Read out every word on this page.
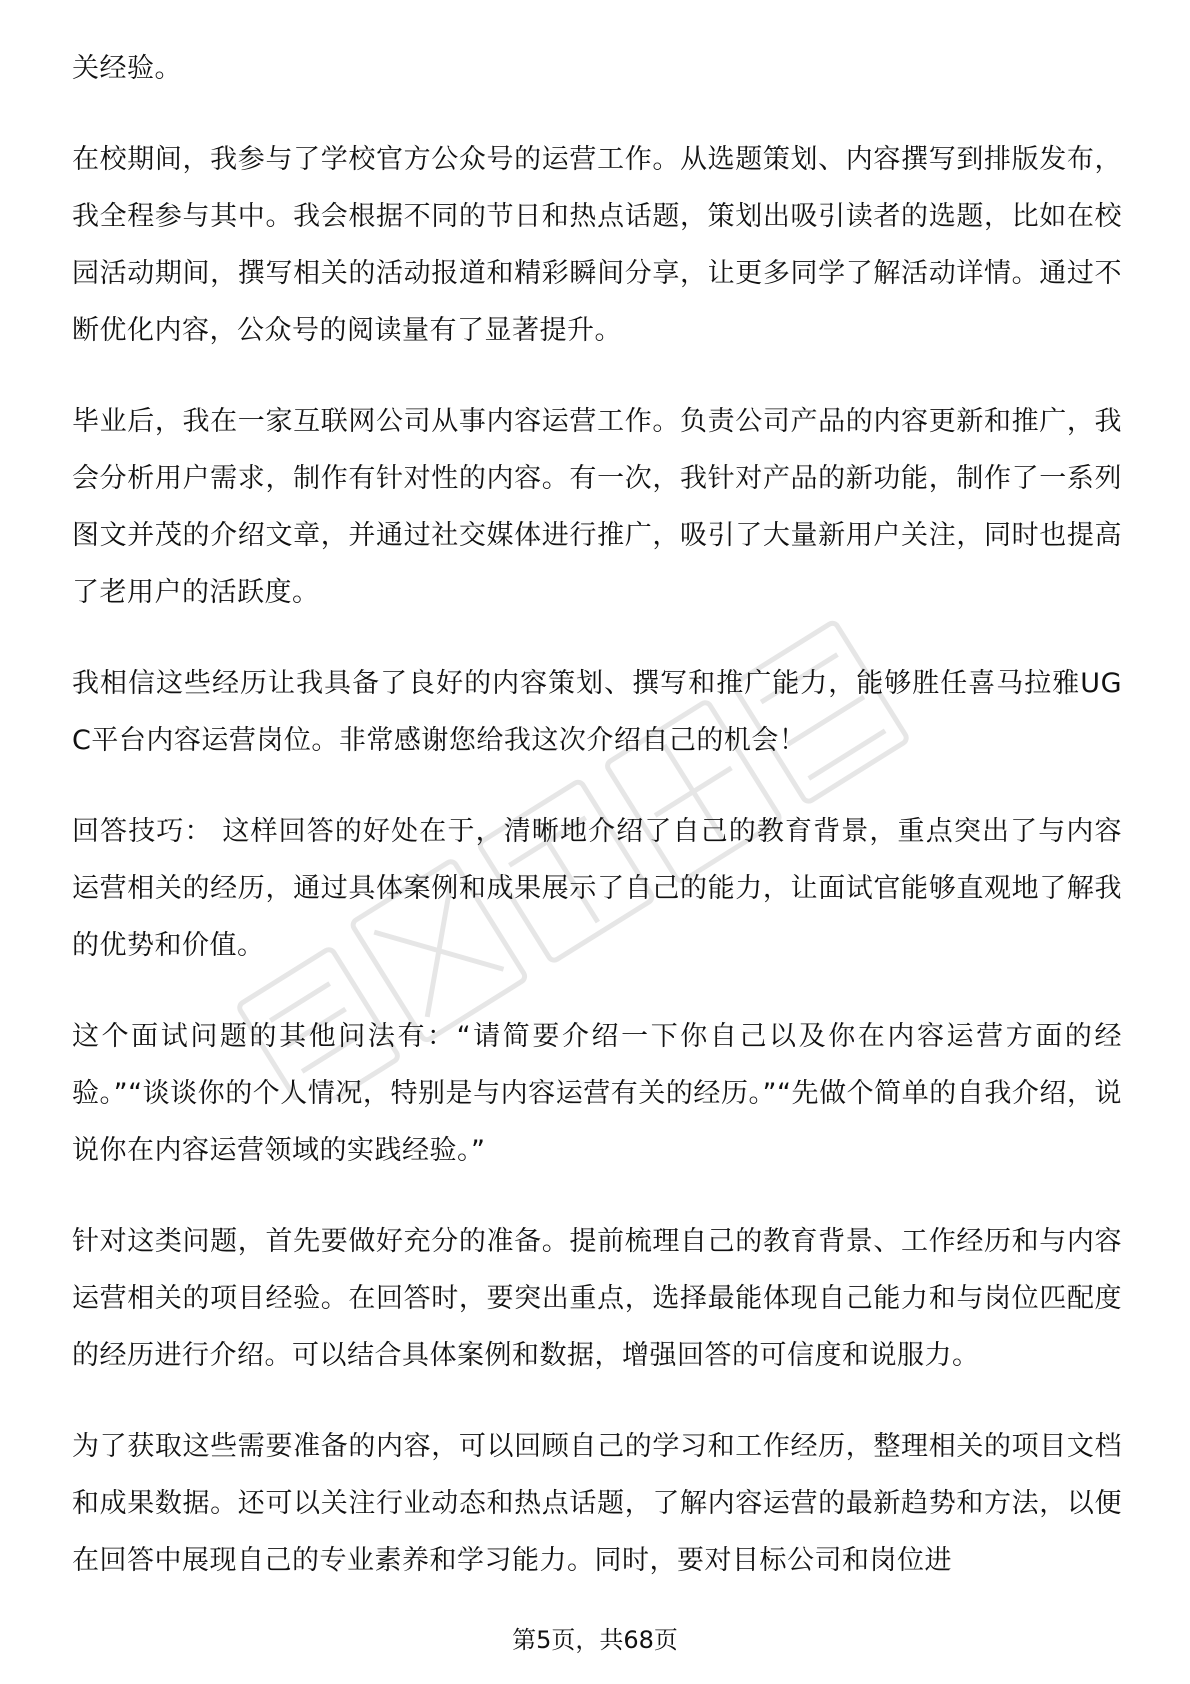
关经验。

在校期间，我参与了学校官方公众号的运营工作。从选题策划、内容撰写到排版发布，我全程参与其中。我会根据不同的节日和热点话题，策划出吸引读者的选题，比如在校园活动期间，撰写相关的活动报道和精彩瞬间分享，让更多同学了解活动详情。通过不断优化内容，公众号的阅读量有了显著提升。

毕业后，我在一家互联网公司从事内容运营工作。负责公司产品的内容更新和推广，我会分析用户需求，制作有针对性的内容。有一次，我针对产品的新功能，制作了一系列图文并茂的介绍文章，并通过社交媒体进行推广，吸引了大量新用户关注，同时也提高了老用户的活跃度。

我相信这些经历让我具备了良好的内容策划、撰写和推广能力，能够胜任喜马拉雅UGC平台内容运营岗位。非常感谢您给我这次介绍自己的机会！

回答技巧： 这样回答的好处在于，清晰地介绍了自己的教育背景，重点突出了与内容运营相关的经历，通过具体案例和成果展示了自己的能力，让面试官能够直观地了解我的优势和价值。

这个面试问题的其他问法有：“请简要介绍一下你自己以及你在内容运营方面的经验。”“谈谈你的个人情况，特别是与内容运营有关的经历。”“先做个简单的自我介绍，说说你在内容运营领域的实践经验。”

针对这类问题，首先要做好充分的准备。提前梳理自己的教育背景、工作经历和与内容运营相关的项目经验。在回答时，要突出重点，选择最能体现自己能力和与岗位匹配度的经历进行介绍。可以结合具体案例和数据，增强回答的可信度和说服力。

为了获取这些需要准备的内容，可以回顾自己的学习和工作经历，整理相关的项目文档和成果数据。还可以关注行业动态和热点话题，了解内容运营的最新趋势和方法，以便在回答中展现自己的专业素养和学习能力。同时，要对目标公司和岗位进

第5页，共68页
